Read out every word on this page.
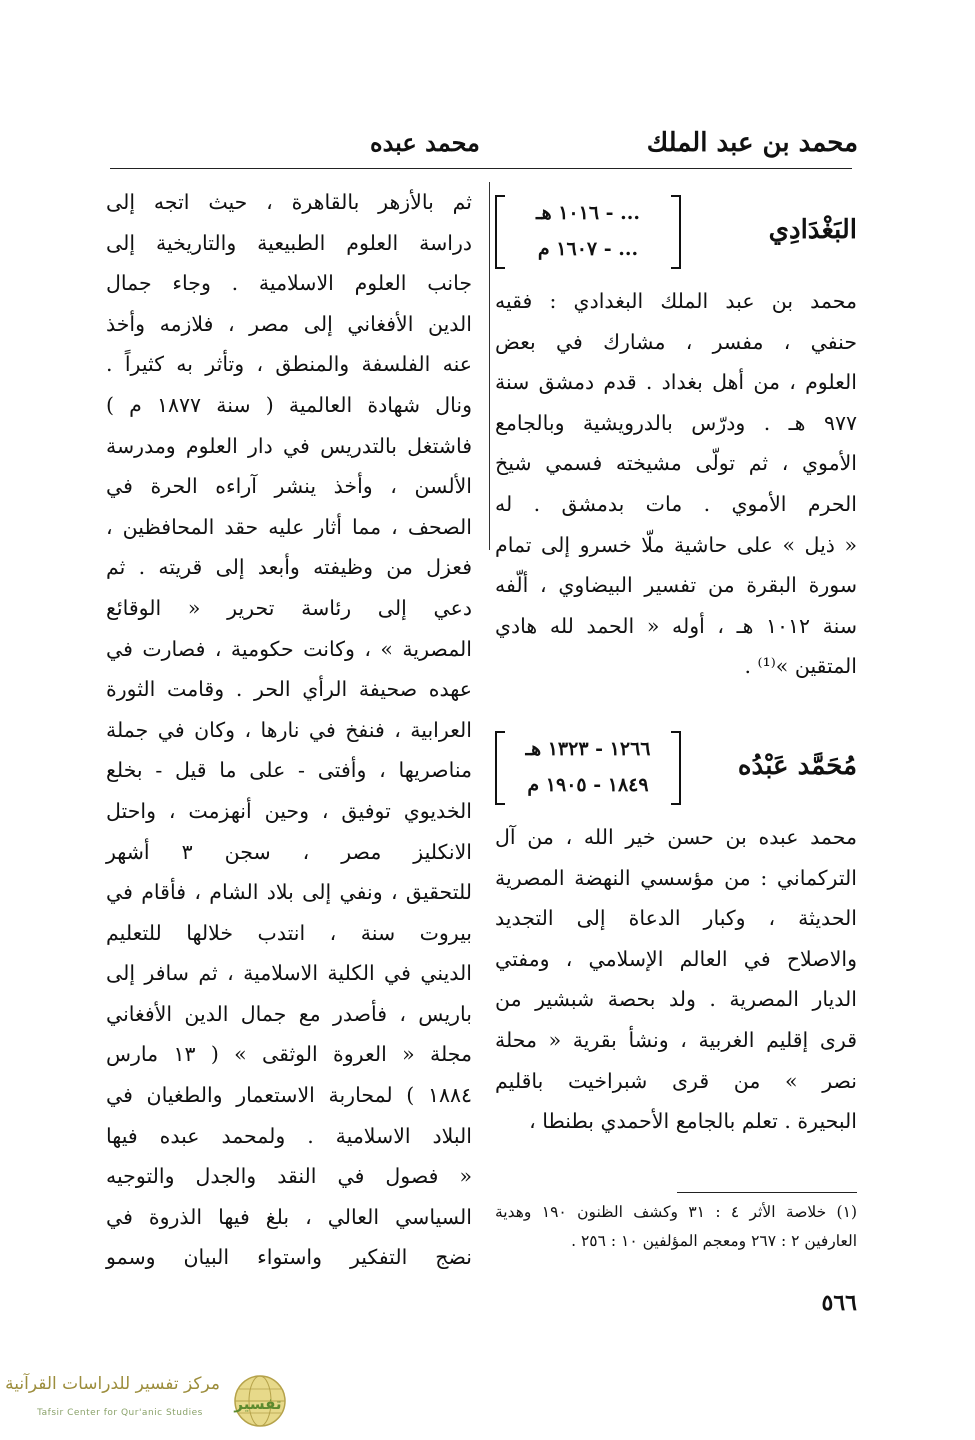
محمد بن عبد الملك
محمد عبده
البَغْدَادِي
... - ١٠١٦ هـ
... - ١٦٠٧ م

محمد بن عبد الملك البغدادي : فقيه

حنفي ، مفسر ، مشارك في بعض

العلوم ، من أهل بغداد . قدم دمشق سنة

٩٧٧ هـ . ودرّس بالدرويشية وبالجامع

الأموي ، ثم تولّى مشيخته فسمي شيخ

الحرم الأموي . مات بدمشق . له

« ذيل » على حاشية ملّا خسرو إلى تمام

سورة البقرة من تفسير البيضاوي ، ألّفه

سنة ١٠١٢ هـ ، أوله « الحمد لله هادي

المتقين »⁽¹⁾ .

مُحَمَّد عَبْدُه
١٢٦٦ - ١٣٢٣ هـ
١٨٤٩ - ١٩٠٥ م

محمد عبده بن حسن خير الله ، من آل

التركماني : من مؤسسي النهضة المصرية

الحديثة ، وكبار الدعاة إلى التجديد

والاصلاح في العالم الإسلامي ، ومفتي

الديار المصرية . ولد بحصة شبشير من

قرى إقليم الغربية ، ونشأ بقرية « محلة

نصر » من قرى شبراخيت باقليم

البحيرة . تعلم بالجامع الأحمدي بطنطا ،

ثم بالأزهر بالقاهرة ، حيث اتجه إلى

دراسة العلوم الطبيعية والتاريخية إلى

جانب العلوم الاسلامية . وجاء جمال

الدين الأفغاني إلى مصر ، فلازمه وأخذ

عنه الفلسفة والمنطق ، وتأثر به كثيراً .

ونال شهادة العالمية ( سنة ١٨٧٧ م )

فاشتغل بالتدريس في دار العلوم ومدرسة

الألسن ، وأخذ ينشر آراءه الحرة في

الصحف ، مما أثار عليه حقد المحافظين ،

فعزل من وظيفته وأبعد إلى قريته . ثم

دعي إلى رئاسة تحرير « الوقائع

المصرية » ، وكانت حكومية ، فصارت في

عهده صحيفة الرأي الحر . وقامت الثورة

العرابية ، فنفخ في نارها ، وكان في جملة

مناصريها ، وأفتى - على ما قيل - بخلع

الخديوي توفيق ، وحين أنهزمت ، واحتل

الانكليز مصر ، سجن ٣ أشهر

للتحقيق ، ونفي إلى بلاد الشام ، فأقام في

بيروت سنة ، انتدب خلالها للتعليم

الديني في الكلية الاسلامية ، ثم سافر إلى

باريس ، فأصدر مع جمال الدين الأفغاني

مجلة « العروة الوثقى » ( ١٣ مارس

١٨٨٤ ) لمحاربة الاستعمار والطغيان في

البلاد الاسلامية . ولمحمد عبده فيها

« فصول في النقد والجدل والتوجيه

السياسي العالي ، بلغ فيها الذروة في

نضج التفكير واستواء البيان وسمو

(١) خلاصة الأثر ٤ : ٣١ وكشف الظنون ١٩٠ وهدية

العارفين ٢ : ٢٦٧ ومعجم المؤلفين ١٠ : ٢٥٦ .

٥٦٦
مركز تفسير للدراسات القرآنية
Tafsir Center for Qur'anic Studies	تفسير
